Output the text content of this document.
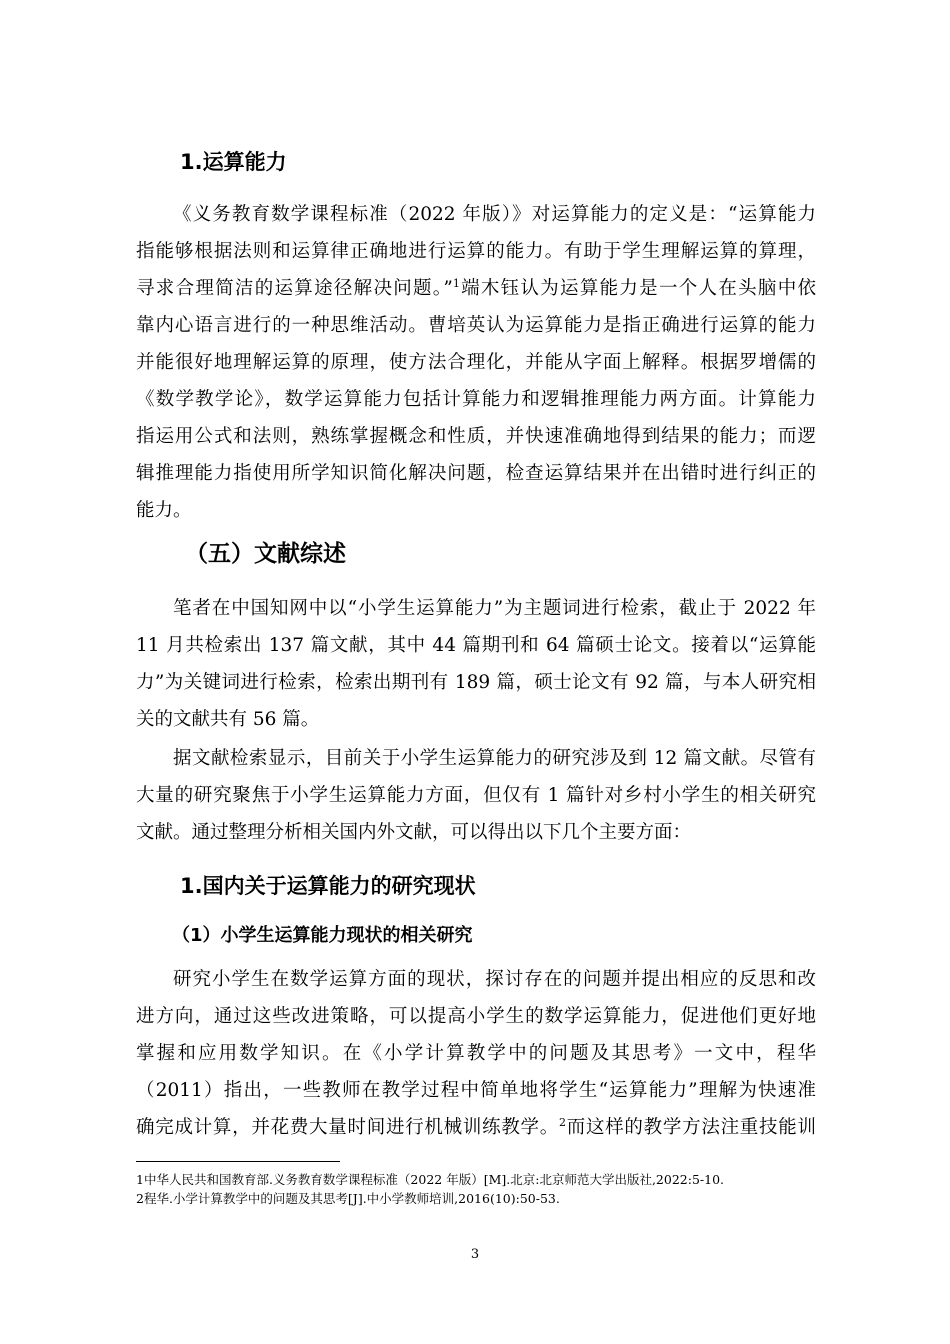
1.运算能力
《义务教育数学课程标准（2022 年版）》对运算能力的定义是：“运算能力
指能够根据法则和运算律正确地进行运算的能力。有助于学生理解运算的算理，
寻求合理简洁的运算途径解决问题。”$^1$端木钰认为运算能力是一个人在头脑中依
靠内心语言进行的一种思维活动。曹培英认为运算能力是指正确进行运算的能力
并能很好地理解运算的原理，使方法合理化，并能从字面上解释。根据罗增儒的
《数学教学论》，数学运算能力包括计算能力和逻辑推理能力两方面。计算能力
指运用公式和法则，熟练掌握概念和性质，并快速准确地得到结果的能力；而逻
辑推理能力指使用所学知识简化解决问题，检查运算结果并在出错时进行纠正的
能力。
（五）文献综述
笔者在中国知网中以“小学生运算能力”为主题词进行检索，截止于 2022 年
11 月共检索出 137 篇文献，其中 44 篇期刊和 64 篇硕士论文。接着以“运算能
力”为关键词进行检索，检索出期刊有 189 篇，硕士论文有 92 篇，与本人研究相
关的文献共有 56 篇。
据文献检索显示，目前关于小学生运算能力的研究涉及到 12 篇文献。尽管有
大量的研究聚焦于小学生运算能力方面，但仅有 1 篇针对乡村小学生的相关研究
文献。通过整理分析相关国内外文献，可以得出以下几个主要方面：
1.国内关于运算能力的研究现状
（1）小学生运算能力现状的相关研究
研究小学生在数学运算方面的现状，探讨存在的问题并提出相应的反思和改
进方向，通过这些改进策略，可以提高小学生的数学运算能力，促进他们更好地
掌握和应用数学知识。在《小学计算教学中的问题及其思考》一文中，程华
（2011）指出，一些教师在教学过程中简单地将学生“运算能力”理解为快速准
确完成计算，并花费大量时间进行机械训练教学。$^2$而这样的教学方法注重技能训
1中华人民共和国教育部.义务教育数学课程标准（2022 年版）[M].北京:北京师范大学出版社,2022:5-10.
2程华.小学计算教学中的问题及其思考[J].中小学教师培训,2016(10):50-53.
3
